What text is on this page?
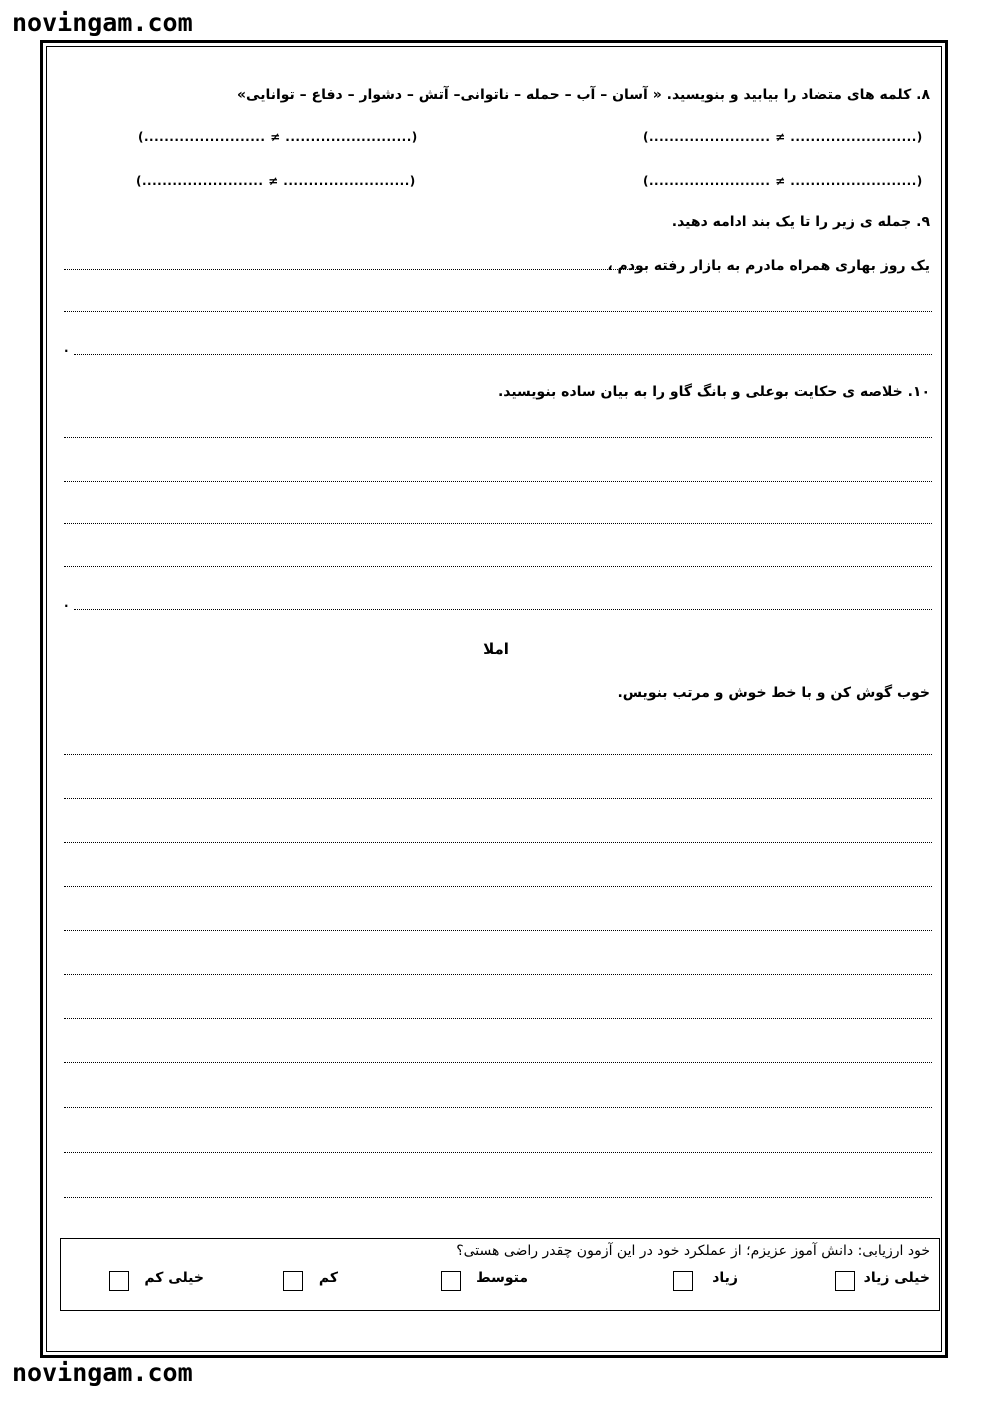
novingam.com
۸. کلمه های متضاد را بیابید و بنویسید. « آسان – آب – حمله – ناتوانی– آتش – دشوار – دفاع – توانایی»
(........................ ≠ .........................)	(........................ ≠ .........................)
(........................ ≠ .........................)	(........................ ≠ .........................)
۹. جمله ی زیر را تا یک بند ادامه دهید.
یک روز بهاری همراه مادرم به بازار رفته بودم ،
.
۱۰. خلاصه ی حکایت بوعلی و بانگ گاو را به بیان ساده بنویسید.
.
املا
خوب گوش کن و با خط خوش و مرتب بنویس.
خود ارزیابی: دانش آموز عزیزم؛ از عملکرد خود در این آزمون چقدر راضی هستی؟
خیلی زیاد
زیاد
متوسط
کم
خیلی کم
novingam.com
